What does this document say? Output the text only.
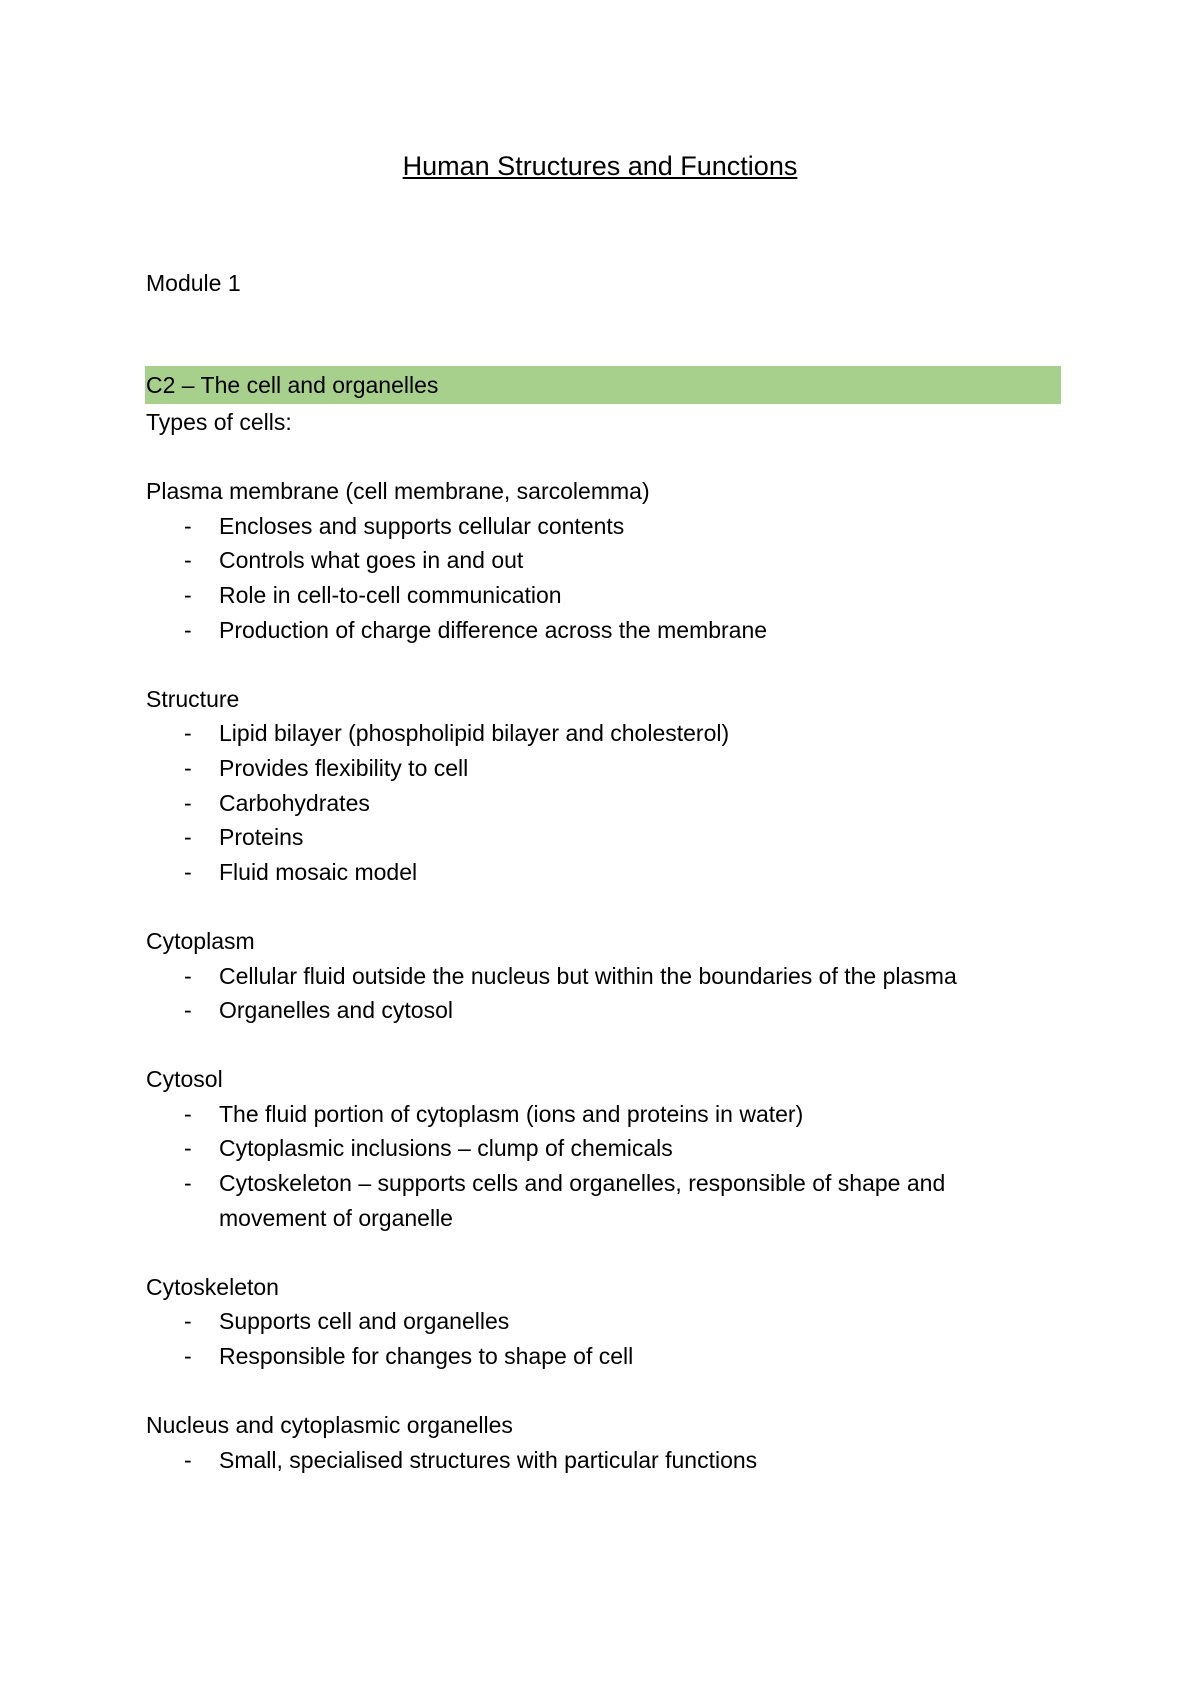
Human Structures and Functions
Module 1
C2 – The cell and organelles
Types of cells:
Plasma membrane (cell membrane, sarcolemma)
- Encloses and supports cellular contents
- Controls what goes in and out
- Role in cell-to-cell communication
- Production of charge difference across the membrane
Structure
- Lipid bilayer (phospholipid bilayer and cholesterol)
- Provides flexibility to cell
- Carbohydrates
- Proteins
- Fluid mosaic model
Cytoplasm
- Cellular fluid outside the nucleus but within the boundaries of the plasma
- Organelles and cytosol
Cytosol
- The fluid portion of cytoplasm (ions and proteins in water)
- Cytoplasmic inclusions – clump of chemicals
- Cytoskeleton – supports cells and organelles, responsible of shape and movement of organelle
Cytoskeleton
- Supports cell and organelles
- Responsible for changes to shape of cell
Nucleus and cytoplasmic organelles
- Small, specialised structures with particular functions
